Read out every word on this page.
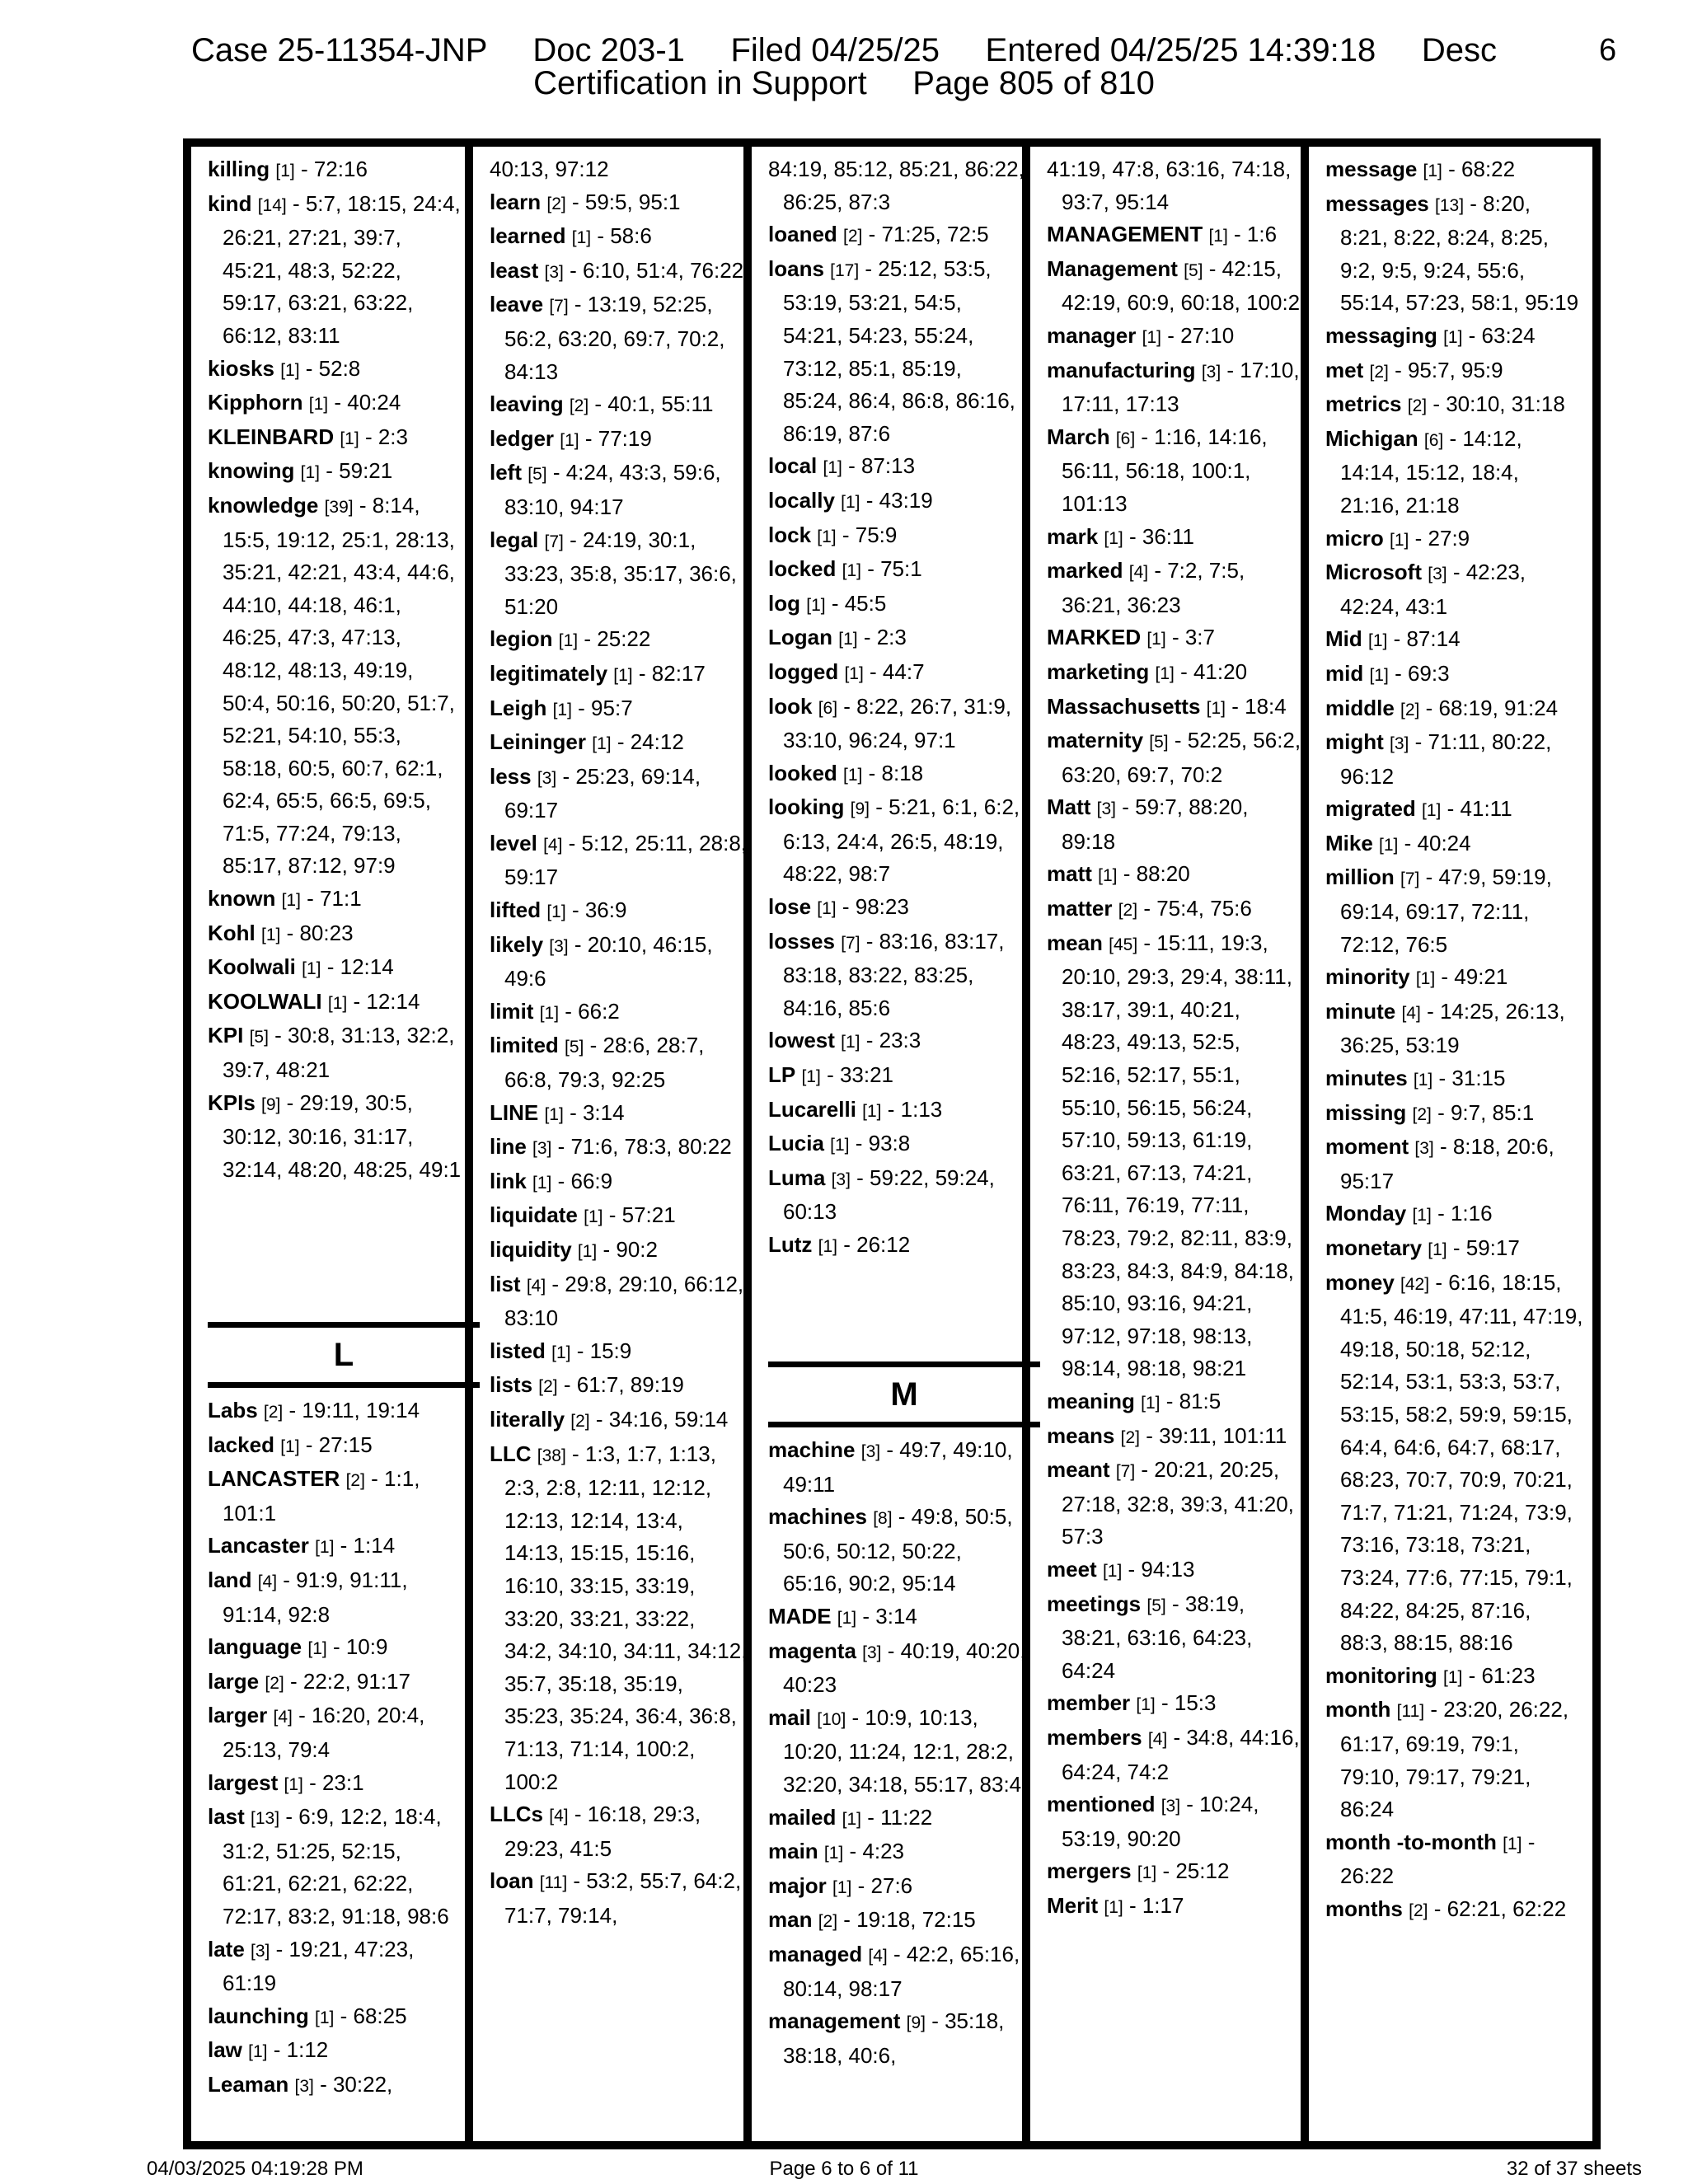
Case 25-11354-JNP     Doc 203-1     Filed 04/25/25     Entered 04/25/25 14:39:18     Desc
Certification in Support     Page 805 of 810
6
killing [1] - 72:16
kind [14] - 5:7, 18:15, 24:4, 26:21, 27:21, 39:7, 45:21, 48:3, 52:22, 59:17, 63:21, 63:22, 66:12, 83:11
kiosks [1] - 52:8
Kipphorn [1] - 40:24
KLEINBARD [1] - 2:3
knowing [1] - 59:21
knowledge [39] - 8:14, 15:5, 19:12, 25:1, 28:13, 35:21, 42:21, 43:4, 44:6, 44:10, 44:18, 46:1, 46:25, 47:3, 47:13, 48:12, 48:13, 49:19, 50:4, 50:16, 50:20, 51:7, 52:21, 54:10, 55:3, 58:18, 60:5, 60:7, 62:1, 62:4, 65:5, 66:5, 69:5, 71:5, 77:24, 79:13, 85:17, 87:12, 97:9
known [1] - 71:1
Kohl [1] - 80:23
Koolwali [1] - 12:14
KOOLWALI [1] - 12:14
KPI [5] - 30:8, 31:13, 32:2, 39:7, 48:21
KPIs [9] - 29:19, 30:5, 30:12, 30:16, 31:17, 32:14, 48:20, 48:25, 49:1
L
Labs [2] - 19:11, 19:14
lacked [1] - 27:15
LANCASTER [2] - 1:1, 101:1
Lancaster [1] - 1:14
land [4] - 91:9, 91:11, 91:14, 92:8
language [1] - 10:9
large [2] - 22:2, 91:17
larger [4] - 16:20, 20:4, 25:13, 79:4
largest [1] - 23:1
last [13] - 6:9, 12:2, 18:4, 31:2, 51:25, 52:15, 61:21, 62:21, 62:22, 72:17, 83:2, 91:18, 98:6
late [3] - 19:21, 47:23, 61:19
launching [1] - 68:25
law [1] - 1:12
Leaman [3] - 30:22,
40:13, 97:12
learn [2] - 59:5, 95:1
learned [1] - 58:6
least [3] - 6:10, 51:4, 76:22
leave [7] - 13:19, 52:25, 56:2, 63:20, 69:7, 70:2, 84:13
leaving [2] - 40:1, 55:11
ledger [1] - 77:19
left [5] - 4:24, 43:3, 59:6, 83:10, 94:17
legal [7] - 24:19, 30:1, 33:23, 35:8, 35:17, 36:6, 51:20
legion [1] - 25:22
legitimately [1] - 82:17
Leigh [1] - 95:7
Leininger [1] - 24:12
less [3] - 25:23, 69:14, 69:17
level [4] - 5:12, 25:11, 28:8, 59:17
lifted [1] - 36:9
likely [3] - 20:10, 46:15, 49:6
limit [1] - 66:2
limited [5] - 28:6, 28:7, 66:8, 79:3, 92:25
LINE [1] - 3:14
line [3] - 71:6, 78:3, 80:22
link [1] - 66:9
liquidate [1] - 57:21
liquidity [1] - 90:2
list [4] - 29:8, 29:10, 66:12, 83:10
listed [1] - 15:9
lists [2] - 61:7, 89:19
literally [2] - 34:16, 59:14
LLC [38] - 1:3, 1:7, 1:13, 2:3, 2:8, 12:11, 12:12, 12:13, 12:14, 13:4, 14:13, 15:15, 15:16, 16:10, 33:15, 33:19, 33:20, 33:21, 33:22, 34:2, 34:10, 34:11, 34:12, 35:7, 35:18, 35:19, 35:23, 35:24, 36:4, 36:8, 71:13, 71:14, 100:2, 100:2
LLCs [4] - 16:18, 29:3, 29:23, 41:5
loan [11] - 53:2, 55:7, 64:2, 71:7, 79:14,
84:19, 85:12, 85:21, 86:22, 86:25, 87:3
loaned [2] - 71:25, 72:5
loans [17] - 25:12, 53:5, 53:19, 53:21, 54:5, 54:21, 54:23, 55:24, 73:12, 85:1, 85:19, 85:24, 86:4, 86:8, 86:16, 86:19, 87:6
local [1] - 87:13
locally [1] - 43:19
lock [1] - 75:9
locked [1] - 75:1
log [1] - 45:5
Logan [1] - 2:3
logged [1] - 44:7
look [6] - 8:22, 26:7, 31:9, 33:10, 96:24, 97:1
looked [1] - 8:18
looking [9] - 5:21, 6:1, 6:2, 6:13, 24:4, 26:5, 48:19, 48:22, 98:7
lose [1] - 98:23
losses [7] - 83:16, 83:17, 83:18, 83:22, 83:25, 84:16, 85:6
lowest [1] - 23:3
LP [1] - 33:21
Lucarelli [1] - 1:13
Lucia [1] - 93:8
Luma [3] - 59:22, 59:24, 60:13
Lutz [1] - 26:12
M
machine [3] - 49:7, 49:10, 49:11
machines [8] - 49:8, 50:5, 50:6, 50:12, 50:22, 65:16, 90:2, 95:14
MADE [1] - 3:14
magenta [3] - 40:19, 40:20, 40:23
mail [10] - 10:9, 10:13, 10:20, 11:24, 12:1, 28:2, 32:20, 34:18, 55:17, 83:4
mailed [1] - 11:22
main [1] - 4:23
major [1] - 27:6
man [2] - 19:18, 72:15
managed [4] - 42:2, 65:16, 80:14, 98:17
management [9] - 35:18, 38:18, 40:6,
41:19, 47:8, 63:16, 74:18, 93:7, 95:14
MANAGEMENT [1] - 1:6
Management [5] - 42:15, 42:19, 60:9, 60:18, 100:2
manager [1] - 27:10
manufacturing [3] - 17:10, 17:11, 17:13
March [6] - 1:16, 14:16, 56:11, 56:18, 100:1, 101:13
mark [1] - 36:11
marked [4] - 7:2, 7:5, 36:21, 36:23
MARKED [1] - 3:7
marketing [1] - 41:20
Massachusetts [1] - 18:4
maternity [5] - 52:25, 56:2, 63:20, 69:7, 70:2
Matt [3] - 59:7, 88:20, 89:18
matt [1] - 88:20
matter [2] - 75:4, 75:6
mean [45] - 15:11, 19:3, 20:10, 29:3, 29:4, 38:11, 38:17, 39:1, 40:21, 48:23, 49:13, 52:5, 52:16, 52:17, 55:1, 55:10, 56:15, 56:24, 57:10, 59:13, 61:19, 63:21, 67:13, 74:21, 76:11, 76:19, 77:11, 78:23, 79:2, 82:11, 83:9, 83:23, 84:3, 84:9, 84:18, 85:10, 93:16, 94:21, 97:12, 97:18, 98:13, 98:14, 98:18, 98:21
meaning [1] - 81:5
means [2] - 39:11, 101:11
meant [7] - 20:21, 20:25, 27:18, 32:8, 39:3, 41:20, 57:3
meet [1] - 94:13
meetings [5] - 38:19, 38:21, 63:16, 64:23, 64:24
member [1] - 15:3
members [4] - 34:8, 44:16, 64:24, 74:2
mentioned [3] - 10:24, 53:19, 90:20
mergers [1] - 25:12
Merit [1] - 1:17
message [1] - 68:22
messages [13] - 8:20, 8:21, 8:22, 8:24, 8:25, 9:2, 9:5, 9:24, 55:6, 55:14, 57:23, 58:1, 95:19
messaging [1] - 63:24
met [2] - 95:7, 95:9
metrics [2] - 30:10, 31:18
Michigan [6] - 14:12, 14:14, 15:12, 18:4, 21:16, 21:18
micro [1] - 27:9
Microsoft [3] - 42:23, 42:24, 43:1
Mid [1] - 87:14
mid [1] - 69:3
middle [2] - 68:19, 91:24
might [3] - 71:11, 80:22, 96:12
migrated [1] - 41:11
Mike [1] - 40:24
million [7] - 47:9, 59:19, 69:14, 69:17, 72:11, 72:12, 76:5
minority [1] - 49:21
minute [4] - 14:25, 26:13, 36:25, 53:19
minutes [1] - 31:15
missing [2] - 9:7, 85:1
moment [3] - 8:18, 20:6, 95:17
Monday [1] - 1:16
monetary [1] - 59:17
money [42] - 6:16, 18:15, 41:5, 46:19, 47:11, 47:19, 49:18, 50:18, 52:12, 52:14, 53:1, 53:3, 53:7, 53:15, 58:2, 59:9, 59:15, 64:4, 64:6, 64:7, 68:17, 68:23, 70:7, 70:9, 70:21, 71:7, 71:21, 71:24, 73:9, 73:16, 73:18, 73:21, 73:24, 77:6, 77:15, 79:1, 84:22, 84:25, 87:16, 88:3, 88:15, 88:16
monitoring [1] - 61:23
month [11] - 23:20, 26:22, 61:17, 69:19, 79:1, 79:10, 79:17, 79:21, 86:24
month -to-month [1] - 26:22
months [2] - 62:21, 62:22
04/03/2025 04:19:28 PM	Page 6 to 6 of 11	32 of 37 sheets
